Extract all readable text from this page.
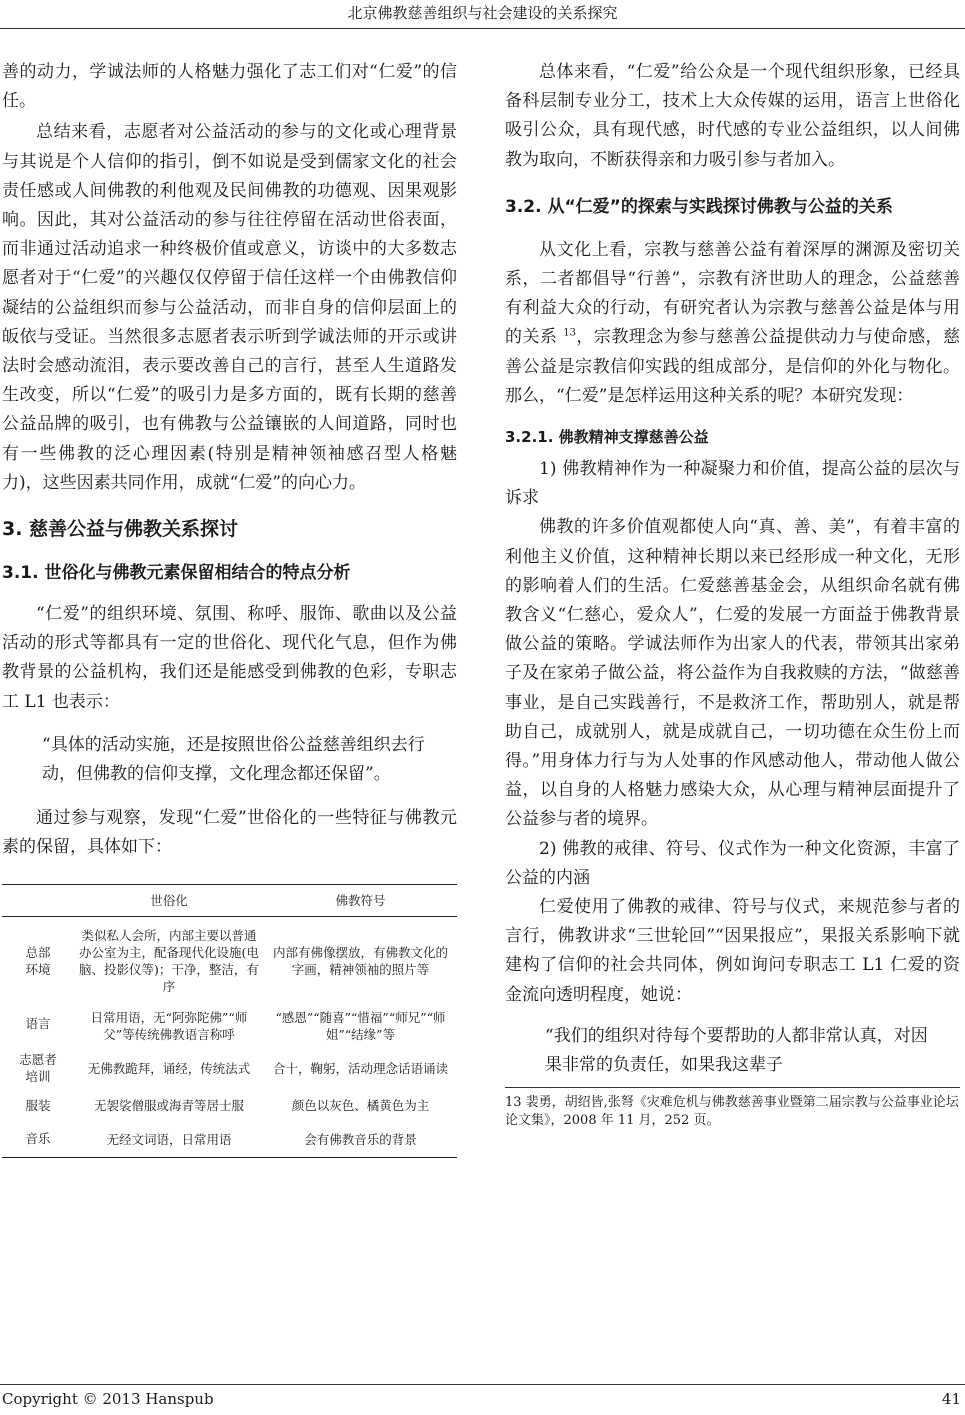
北京佛教慈善组织与社会建设的关系探究

善的动力，学诚法师的人格魅力强化了志工们对“仁爱”的信任。

总结来看，志愿者对公益活动的参与的文化或心理背景与其说是个人信仰的指引，倒不如说是受到儒家文化的社会责任感或人间佛教的利他观及民间佛教的功德观、因果观影响。因此，其对公益活动的参与往往停留在活动世俗表面，而非通过活动追求一种终极价值或意义，访谈中的大多数志愿者对于“仁爱”的兴趣仅仅停留于信任这样一个由佛教信仰凝结的公益组织而参与公益活动，而非自身的信仰层面上的皈依与受证。当然很多志愿者表示听到学诚法师的开示或讲法时会感动流泪，表示要改善自己的言行，甚至人生道路发生改变，所以“仁爱”的吸引力是多方面的，既有长期的慈善公益品牌的吸引，也有佛教与公益镶嵌的人间道路，同时也有一些佛教的泛心理因素(特别是精神领袖感召型人格魅力)，这些因素共同作用，成就“仁爱”的向心力。

3. 慈善公益与佛教关系探讨
3.1. 世俗化与佛教元素保留相结合的特点分析

“仁爱”的组织环境、氛围、称呼、服饰、歌曲以及公益活动的形式等都具有一定的世俗化、现代化气息，但作为佛教背景的公益机构，我们还是能感受到佛教的色彩，专职志工 L1 也表示：

“具体的活动实施，还是按照世俗公益慈善组织去行动，但佛教的信仰支撑，文化理念都还保留”。

通过参与观察，发现“仁爱”世俗化的一些特征与佛教元素的保留，具体如下：

	世俗化	佛教符号
总部环境	类似私人会所，内部主要以普通办公室为主，配备现代化设施(电脑、投影仪等)；干净，整洁，有序	内部有佛像摆放，有佛教文化的字画，精神领袖的照片等
语言	日常用语，无“阿弥陀佛”“师父”等传统佛教语言称呼	“感恩”“随喜”“惜福”“师兄”“师姐”“结缘”等
志愿者培训	无佛教跪拜，诵经，传统法式	合十，鞠躬，活动理念话语诵读
服装	无袈裟僧服或海青等居士服	颜色以灰色、橘黄色为主
音乐	无经文词语，日常用语	会有佛教音乐的背景

总体来看，“仁爱”给公众是一个现代组织形象，已经具备科层制专业分工，技术上大众传媒的运用，语言上世俗化吸引公众，具有现代感，时代感的专业公益组织，以人间佛教为取向，不断获得亲和力吸引参与者加入。

3.2. 从“仁爱”的探索与实践探讨佛教与公益的关系

从文化上看，宗教与慈善公益有着深厚的渊源及密切关系，二者都倡导“行善”，宗教有济世助人的理念，公益慈善有利益大众的行动，有研究者认为宗教与慈善公益是体与用的关系 $^{13}$，宗教理念为参与慈善公益提供动力与使命感，慈善公益是宗教信仰实践的组成部分，是信仰的外化与物化。那么，“仁爱”是怎样运用这种关系的呢？本研究发现：

3.2.1. 佛教精神支撑慈善公益

1) 佛教精神作为一种凝聚力和价值，提高公益的层次与诉求

佛教的许多价值观都使人向“真、善、美”，有着丰富的利他主义价值，这种精神长期以来已经形成一种文化，无形的影响着人们的生活。仁爱慈善基金会，从组织命名就有佛教含义“仁慈心，爱众人”，仁爱的发展一方面益于佛教背景做公益的策略。学诚法师作为出家人的代表，带领其出家弟子及在家弟子做公益，将公益作为自我救赎的方法，“做慈善事业，是自己实践善行，不是救济工作，帮助别人，就是帮助自己，成就别人，就是成就自己，一切功德在众生份上而得。”用身体力行与为人处事的作风感动他人，带动他人做公益，以自身的人格魅力感染大众，从心理与精神层面提升了公益参与者的境界。

2) 佛教的戒律、符号、仪式作为一种文化资源，丰富了公益的内涵

仁爱使用了佛教的戒律、符号与仪式，来规范参与者的言行，佛教讲求“三世轮回”“因果报应”，果报关系影响下就建构了信仰的社会共同体，例如询问专职志工 L1 仁爱的资金流向透明程度，她说：

“我们的组织对待每个要帮助的人都非常认真，对因果非常的负责任，如果我这辈子
13 裴勇，胡绍皆,张弩《灾难危机与佛教慈善事业暨第二届宗教与公益事业论坛论文集》，2008 年 11 月，252 页。
Copyright © 2013 Hanspub	41
